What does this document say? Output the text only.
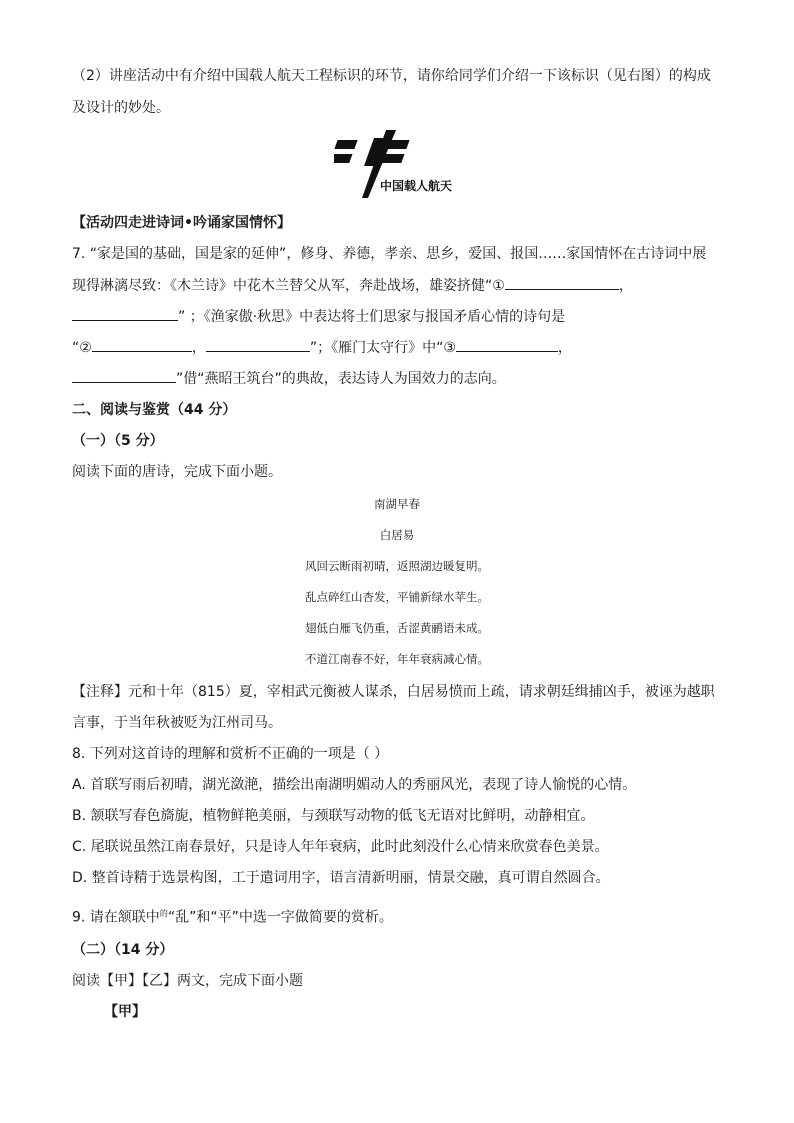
（2）讲座活动中有介绍中国载人航天工程标识的环节，请你给同学们介绍一下该标识（见右图）的构成
及设计的妙处。
中国载人航天
【活动四走进诗词•吟诵家国情怀】
7. “家是国的基础，国是家的延伸”，修身、养德，孝亲、思乡，爱国、报国……家国情怀在古诗词中展
现得淋漓尽致：《木兰诗》中花木兰替父从军，奔赴战场，雄姿挤健“①	，
” ；《渔家傲·秋思》中表达将士们思家与报国矛盾心情的诗句是
“②	，	”；《雁门太守行》中“③	，
”借“燕昭王筑台”的典故，表达诗人为国效力的志向。
二、阅读与鉴赏（44 分）
（一）（5 分）
阅读下面的唐诗，完成下面小题。
南湖早春
白居易
风回云断雨初晴，返照湖边暖复明。
乱点碎红山杏发，平铺新绿水苹生。
翅低白雁飞仍重，舌涩黄鹂语未成。
不道江南春不好，年年衰病减心情。
【注释】元和十年（815）夏，宰相武元衡被人谋杀，白居易愤而上疏，请求朝廷缉捕凶手，被诬为越职
言事，于当年秋被贬为江州司马。
8. 下列对这首诗的理解和赏析不正确的一项是（ ）
A. 首联写雨后初晴，湖光潋滟，描绘出南湖明媚动人的秀丽风光，表现了诗人愉悦的心情。
B. 颔联写春色旖旎，植物鲜艳美丽，与颈联写动物的低飞无语对比鲜明，动静相宜。
C. 尾联说虽然江南春景好，只是诗人年年衰病，此时此刻没什么心情来欣赏春色美景。
D. 整首诗精于选景构图，工于遣词用字，语言清新明丽，情景交融，真可谓自然圆合。
9. 请在颔联中$^的$“乱”和“平”中选一字做简要的赏析。
（二）（14 分）
阅读【甲】【乙】两文，完成下面小题
【甲】
